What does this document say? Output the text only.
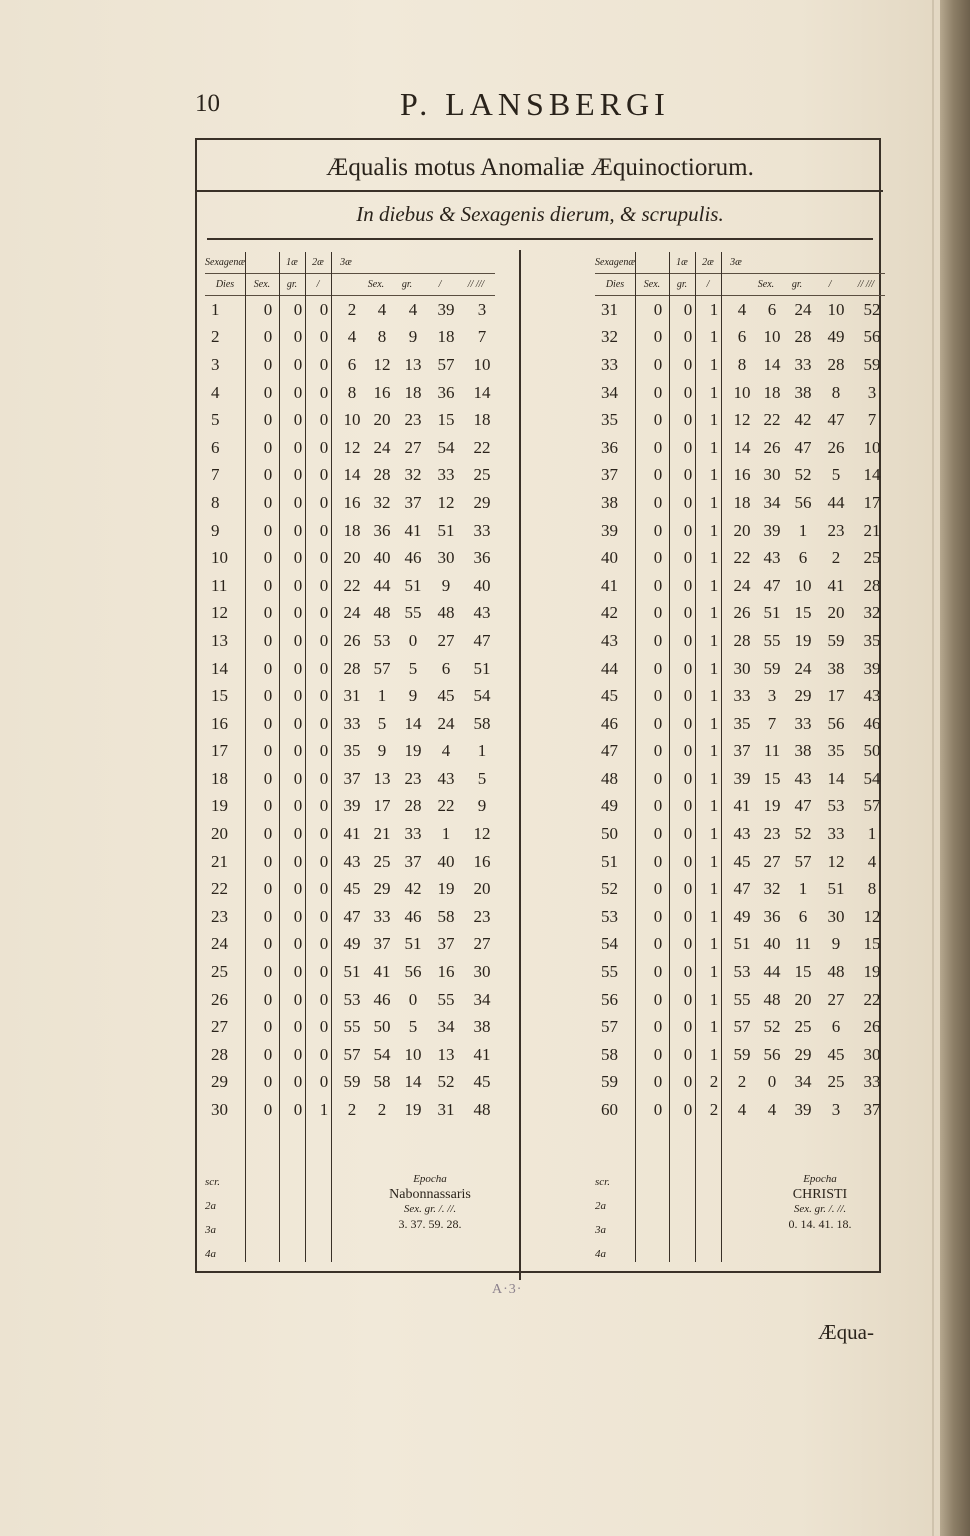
10	P. LANSBERGI
Æqualis motus Anomaliæ Æquinoctiorum.
In diebus & Sexagenis dierum, & scrupulis.
Sexagenæ		1æ	2æ	3æ				
Dies	Sex.	gr.	/		Sex.	gr.	/	// ///
1	0	0	0	2	4	4	39	3
2	0	0	0	4	8	9	18	7
3	0	0	0	6	12	13	57	10
4	0	0	0	8	16	18	36	14
5	0	0	0	10	20	23	15	18
6	0	0	0	12	24	27	54	22
7	0	0	0	14	28	32	33	25
8	0	0	0	16	32	37	12	29
9	0	0	0	18	36	41	51	33
10	0	0	0	20	40	46	30	36
11	0	0	0	22	44	51	9	40
12	0	0	0	24	48	55	48	43
13	0	0	0	26	53	0	27	47
14	0	0	0	28	57	5	6	51
15	0	0	0	31	1	9	45	54
16	0	0	0	33	5	14	24	58
17	0	0	0	35	9	19	4	1
18	0	0	0	37	13	23	43	5
19	0	0	0	39	17	28	22	9
20	0	0	0	41	21	33	1	12
21	0	0	0	43	25	37	40	16
22	0	0	0	45	29	42	19	20
23	0	0	0	47	33	46	58	23
24	0	0	0	49	37	51	37	27
25	0	0	0	51	41	56	16	30
26	0	0	0	53	46	0	55	34
27	0	0	0	55	50	5	34	38
28	0	0	0	57	54	10	13	41
29	0	0	0	59	58	14	52	45
30	0	0	1	2	2	19	31	48
scr.
2a
3a
4a
Epocha
Nabonnassaris
Sex. gr. /. //.
3. 37. 59. 28.
Sexagenæ		1æ	2æ	3æ				
Dies	Sex.	gr.	/		Sex.	gr.	/	// ///
31	0	0	1	4	6	24	10	52
32	0	0	1	6	10	28	49	56
33	0	0	1	8	14	33	28	59
34	0	0	1	10	18	38	8	3
35	0	0	1	12	22	42	47	7
36	0	0	1	14	26	47	26	10
37	0	0	1	16	30	52	5	14
38	0	0	1	18	34	56	44	17
39	0	0	1	20	39	1	23	21
40	0	0	1	22	43	6	2	25
41	0	0	1	24	47	10	41	28
42	0	0	1	26	51	15	20	32
43	0	0	1	28	55	19	59	35
44	0	0	1	30	59	24	38	39
45	0	0	1	33	3	29	17	43
46	0	0	1	35	7	33	56	46
47	0	0	1	37	11	38	35	50
48	0	0	1	39	15	43	14	54
49	0	0	1	41	19	47	53	57
50	0	0	1	43	23	52	33	1
51	0	0	1	45	27	57	12	4
52	0	0	1	47	32	1	51	8
53	0	0	1	49	36	6	30	12
54	0	0	1	51	40	11	9	15
55	0	0	1	53	44	15	48	19
56	0	0	1	55	48	20	27	22
57	0	0	1	57	52	25	6	26
58	0	0	1	59	56	29	45	30
59	0	0	2	2	0	34	25	33
60	0	0	2	4	4	39	3	37
scr.
2a
3a
4a
Epocha
CHRISTI
Sex. gr. /. //.
0. 14. 41. 18.
A·3·
Æqua-
